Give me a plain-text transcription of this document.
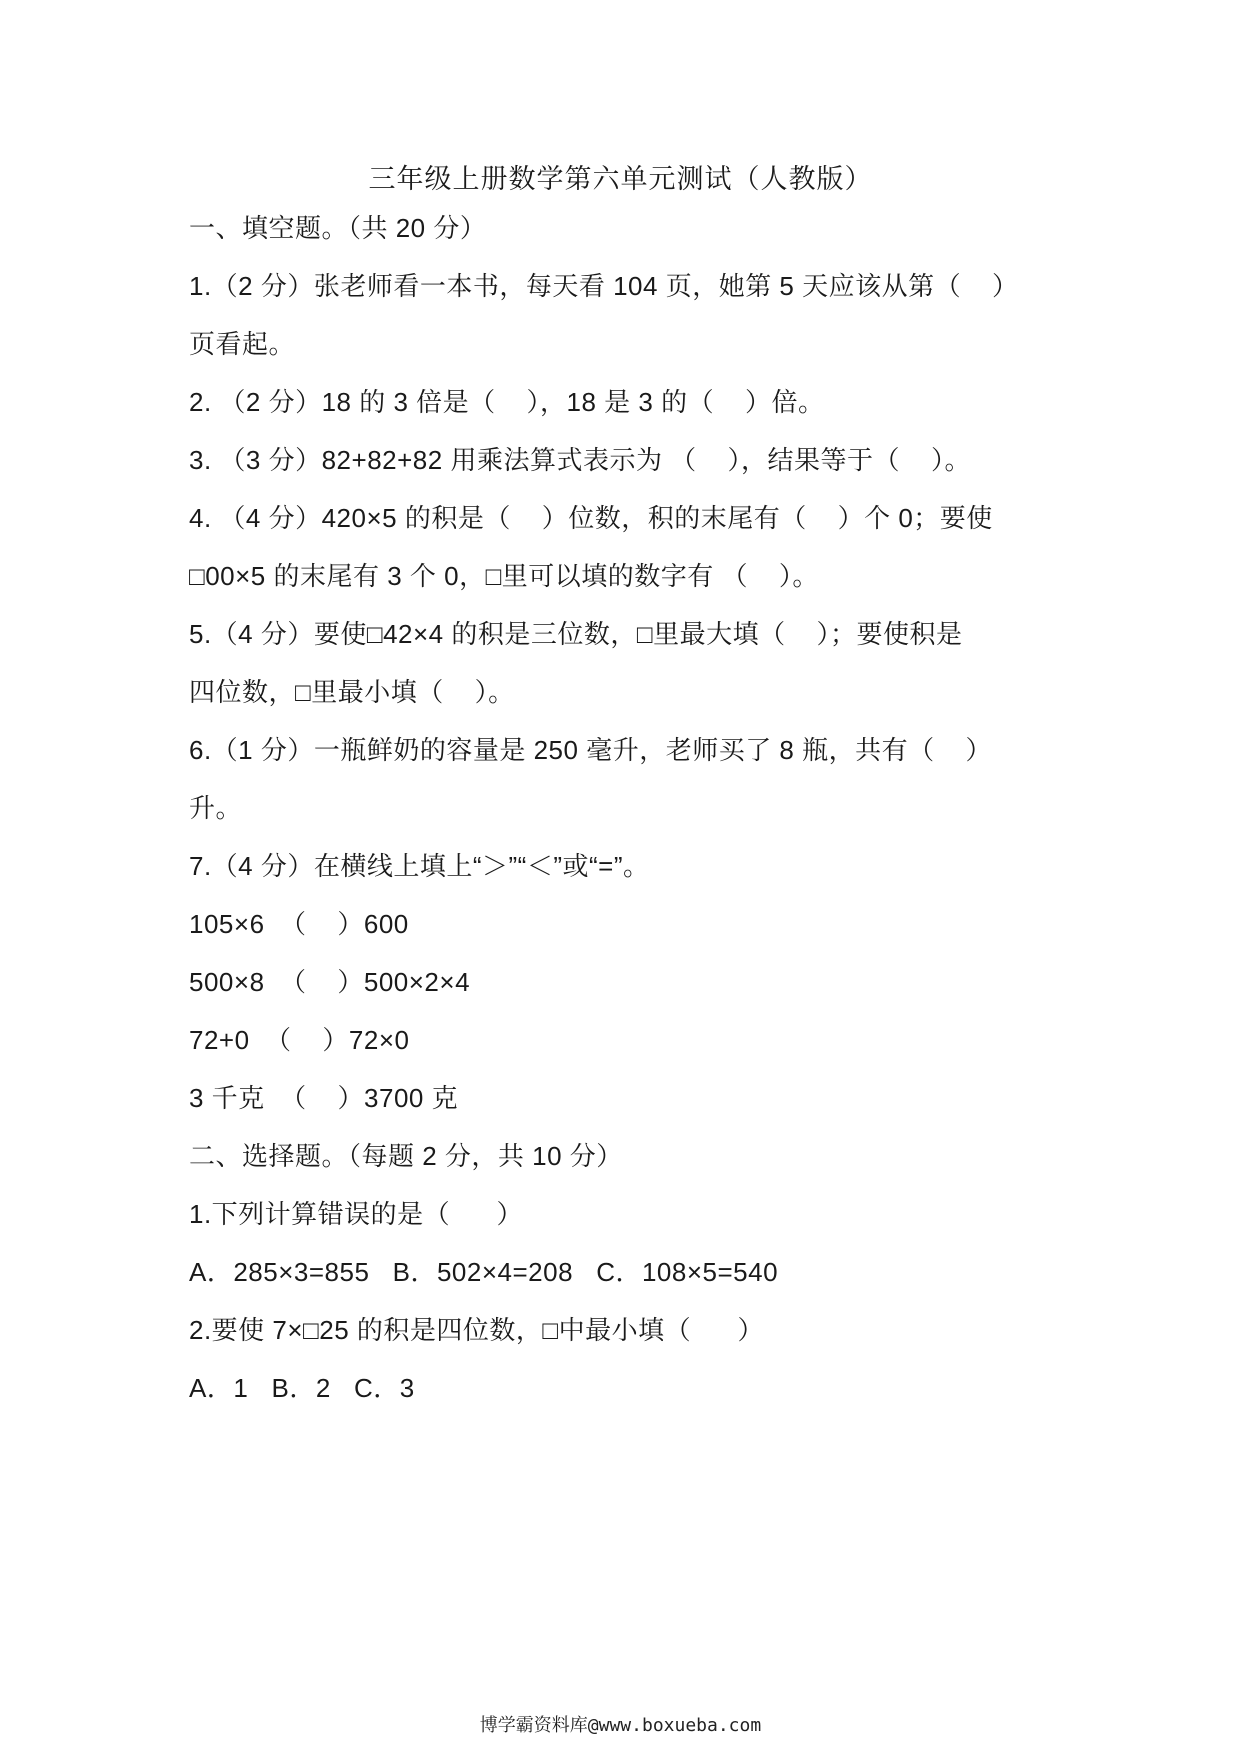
三年级上册数学第六单元测试（人教版）
一、填空题。（共 20 分）
1.（2 分）张老师看一本书，每天看 104 页，她第 5 天应该从第（    ）
页看起。
2. （2 分）18 的 3 倍是（    ），18 是 3 的（    ）倍。
3. （3 分）82+82+82 用乘法算式表示为 （    ），结果等于（    ）。
4. （4 分）420×5 的积是（    ）位数，积的末尾有（    ）个 0；要使
□00×5 的末尾有 3 个 0，□里可以填的数字有 （    ）。
5.（4 分）要使□42×4 的积是三位数，□里最大填（    ）；要使积是
四位数，□里最小填（    ）。
6.（1 分）一瓶鲜奶的容量是 250 毫升，老师买了 8 瓶，共有（    ）
升。
7.（4 分）在横线上填上“＞”“＜”或“=”。
105×6  （    ）600
500×8  （    ）500×2×4
72+0  （    ）72×0
3 千克  （    ）3700 克
二、选择题。（每题 2 分，共 10 分）
1.下列计算错误的是（      ）
A．285×3=855   B．502×4=208   C．108×5=540
2.要使 7×□25 的积是四位数，□中最小填（      ）
A．1   B．2   C．3
博学霸资料库@www.boxueba.com
